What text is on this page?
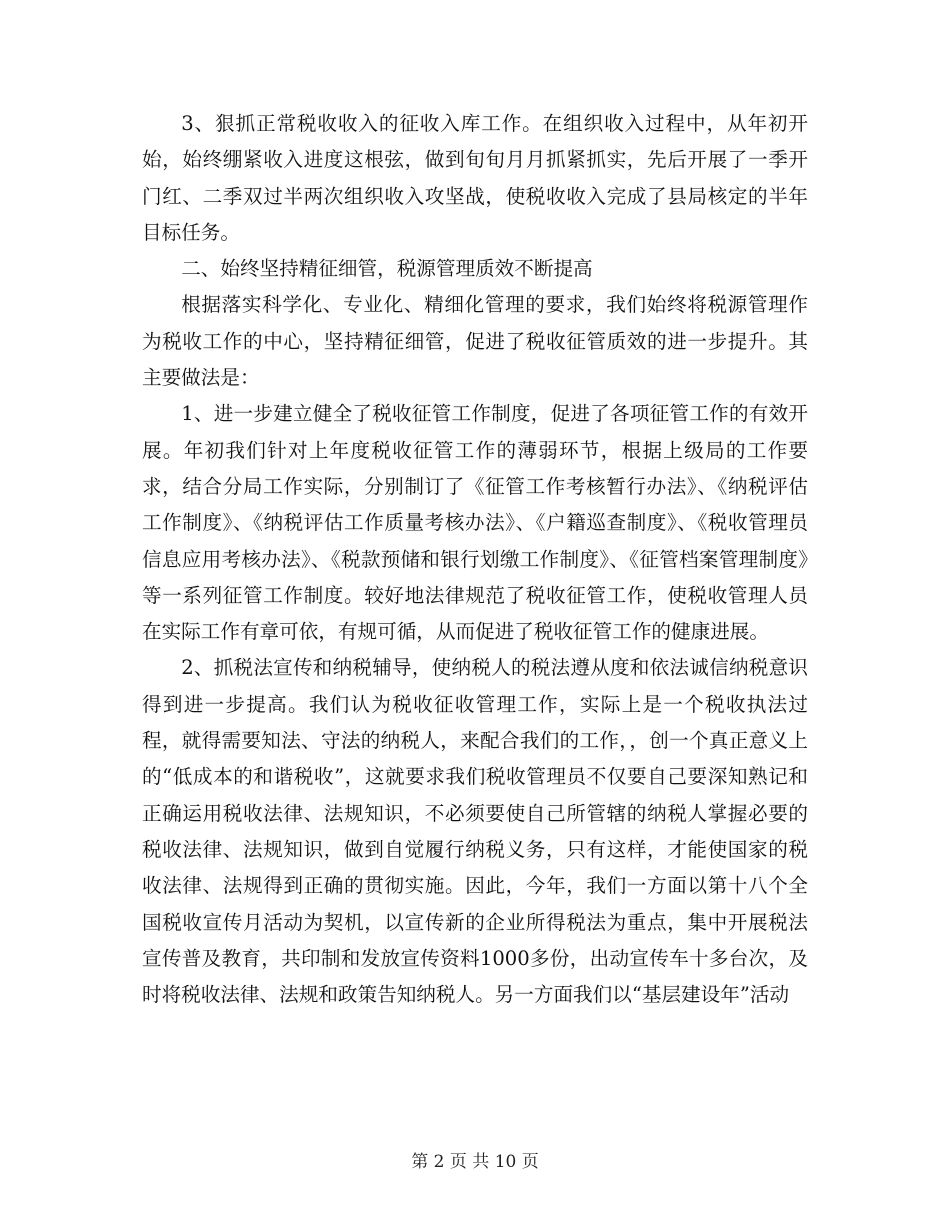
3、狠抓正常税收收入的征收入库工作。在组织收入过程中，从年初开始，始终绷紧收入进度这根弦，做到旬旬月月抓紧抓实，先后开展了一季开门红、二季双过半两次组织收入攻坚战，使税收收入完成了县局核定的半年目标任务。

二、始终坚持精征细管，税源管理质效不断提高

根据落实科学化、专业化、精细化管理的要求，我们始终将税源管理作为税收工作的中心，坚持精征细管，促进了税收征管质效的进一步提升。其主要做法是：

1、进一步建立健全了税收征管工作制度，促进了各项征管工作的有效开展。年初我们针对上年度税收征管工作的薄弱环节，根据上级局的工作要求，结合分局工作实际，分别制订了《征管工作考核暂行办法》、《纳税评估工作制度》、《纳税评估工作质量考核办法》、《户籍巡查制度》、《税收管理员信息应用考核办法》、《税款预储和银行划缴工作制度》、《征管档案管理制度》等一系列征管工作制度。较好地法律规范了税收征管工作，使税收管理人员在实际工作有章可依，有规可循，从而促进了税收征管工作的健康进展。

2、抓税法宣传和纳税辅导，使纳税人的税法遵从度和依法诚信纳税意识得到进一步提高。我们认为税收征收管理工作，实际上是一个税收执法过程，就得需要知法、守法的纳税人，来配合我们的工作，，创一个真正意义上的“低成本的和谐税收”，这就要求我们税收管理员不仅要自己要深知熟记和正确运用税收法律、法规知识，不必须要使自己所管辖的纳税人掌握必要的税收法律、法规知识，做到自觉履行纳税义务，只有这样，才能使国家的税收法律、法规得到正确的贯彻实施。因此，今年，我们一方面以第十八个全国税收宣传月活动为契机，以宣传新的企业所得税法为重点，集中开展税法宣传普及教育，共印制和发放宣传资料1000多份，出动宣传车十多台次，及时将税收法律、法规和政策告知纳税人。另一方面我们以“基层建设年”活动

第 2 页 共 10 页
